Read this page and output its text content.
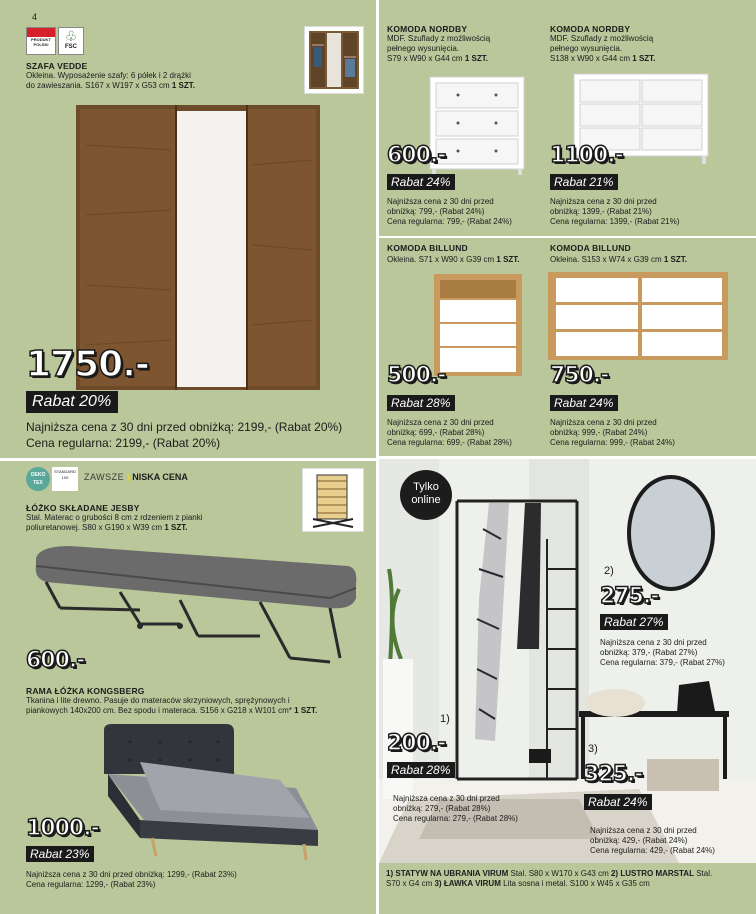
4
PRODUKT POLSKI
♧
FSC
SZAFA VEDDE
Okleina. Wyposażenie szafy: 6 półek i 2 drążki
do zawieszania. S167 x W197 x G53 cm 1 SZT.
1750.-
Rabat 20%
Najniższa cena z 30 dni przed obniżką: 2199,- (Rabat 20%)
Cena regularna: 2199,- (Rabat 20%)
KOMODA NORDBY
MDF. Szuflady z możliwością
pełnego wysunięcia.
S79 x W90 x G44 cm 1 SZT.
600.-
Rabat 24%
Najniższa cena z 30 dni przed
obniżką: 799,- (Rabat 24%)
Cena regularna: 799,- (Rabat 24%)
KOMODA NORDBY
MDF. Szuflady z możliwością
pełnego wysunięcia.
S138 x W90 x G44 cm 1 SZT.
1100.-
Rabat 21%
Najniższa cena z 30 dni przed
obniżką: 1399,- (Rabat 21%)
Cena regularna: 1399,- (Rabat 21%)
KOMODA BILLUND
Okleina. S71 x W90 x G39 cm 1 SZT.
500.-
Rabat 28%
Najniższa cena z 30 dni przed
obniżką: 699,- (Rabat 28%)
Cena regularna: 699,- (Rabat 28%)
KOMODA BILLUND
Okleina. S153 x W74 x G39 cm 1 SZT.
750.-
Rabat 24%
Najniższa cena z 30 dni przed
obniżką: 999,- (Rabat 24%)
Cena regularna: 999,- (Rabat 24%)
OEKO TEX
STANDARD 100	ZAWSZE ) NISKA CENA
ŁÓŻKO SKŁADANE JESBY
Stal. Materac o grubości 8 cm z rdzeniem z pianki
poliuretanowej. S80 x G190 x W39 cm 1 SZT.
600.-
RAMA ŁÓŻKA KONGSBERG
Tkanina i lite drewno. Pasuje do materaców skrzyniowych, sprężynowych i
piankowych 140x200 cm. Bez spodu i materaca. S156 x G218 x W101 cm* 1 SZT.
1000.-
Rabat 23%
Najniższa cena z 30 dni przed obniżką: 1299,- (Rabat 23%)
Cena regularna: 1299,- (Rabat 23%)
Tylko
online
1)
200.-
Rabat 28%
Najniższa cena z 30 dni przed
obniżką: 279,- (Rabat 28%)
Cena regularna: 279,- (Rabat 28%)
2)
275.-
Rabat 27%
Najniższa cena z 30 dni przed
obniżką: 379,- (Rabat 27%)
Cena regularna: 379,- (Rabat 27%)
3)
325.-
Rabat 24%
Najniższa cena z 30 dni przed
obniżką: 429,- (Rabat 24%)
Cena regularna: 429,- (Rabat 24%)
1) STATYW NA UBRANIA VIRUM Stal. S80 x W170 x G43 cm 2) LUSTRO MARSTAL Stal.
S70 x G4 cm 3) ŁAWKA VIRUM Lita sosna i metal. S100 x W45 x G35 cm
